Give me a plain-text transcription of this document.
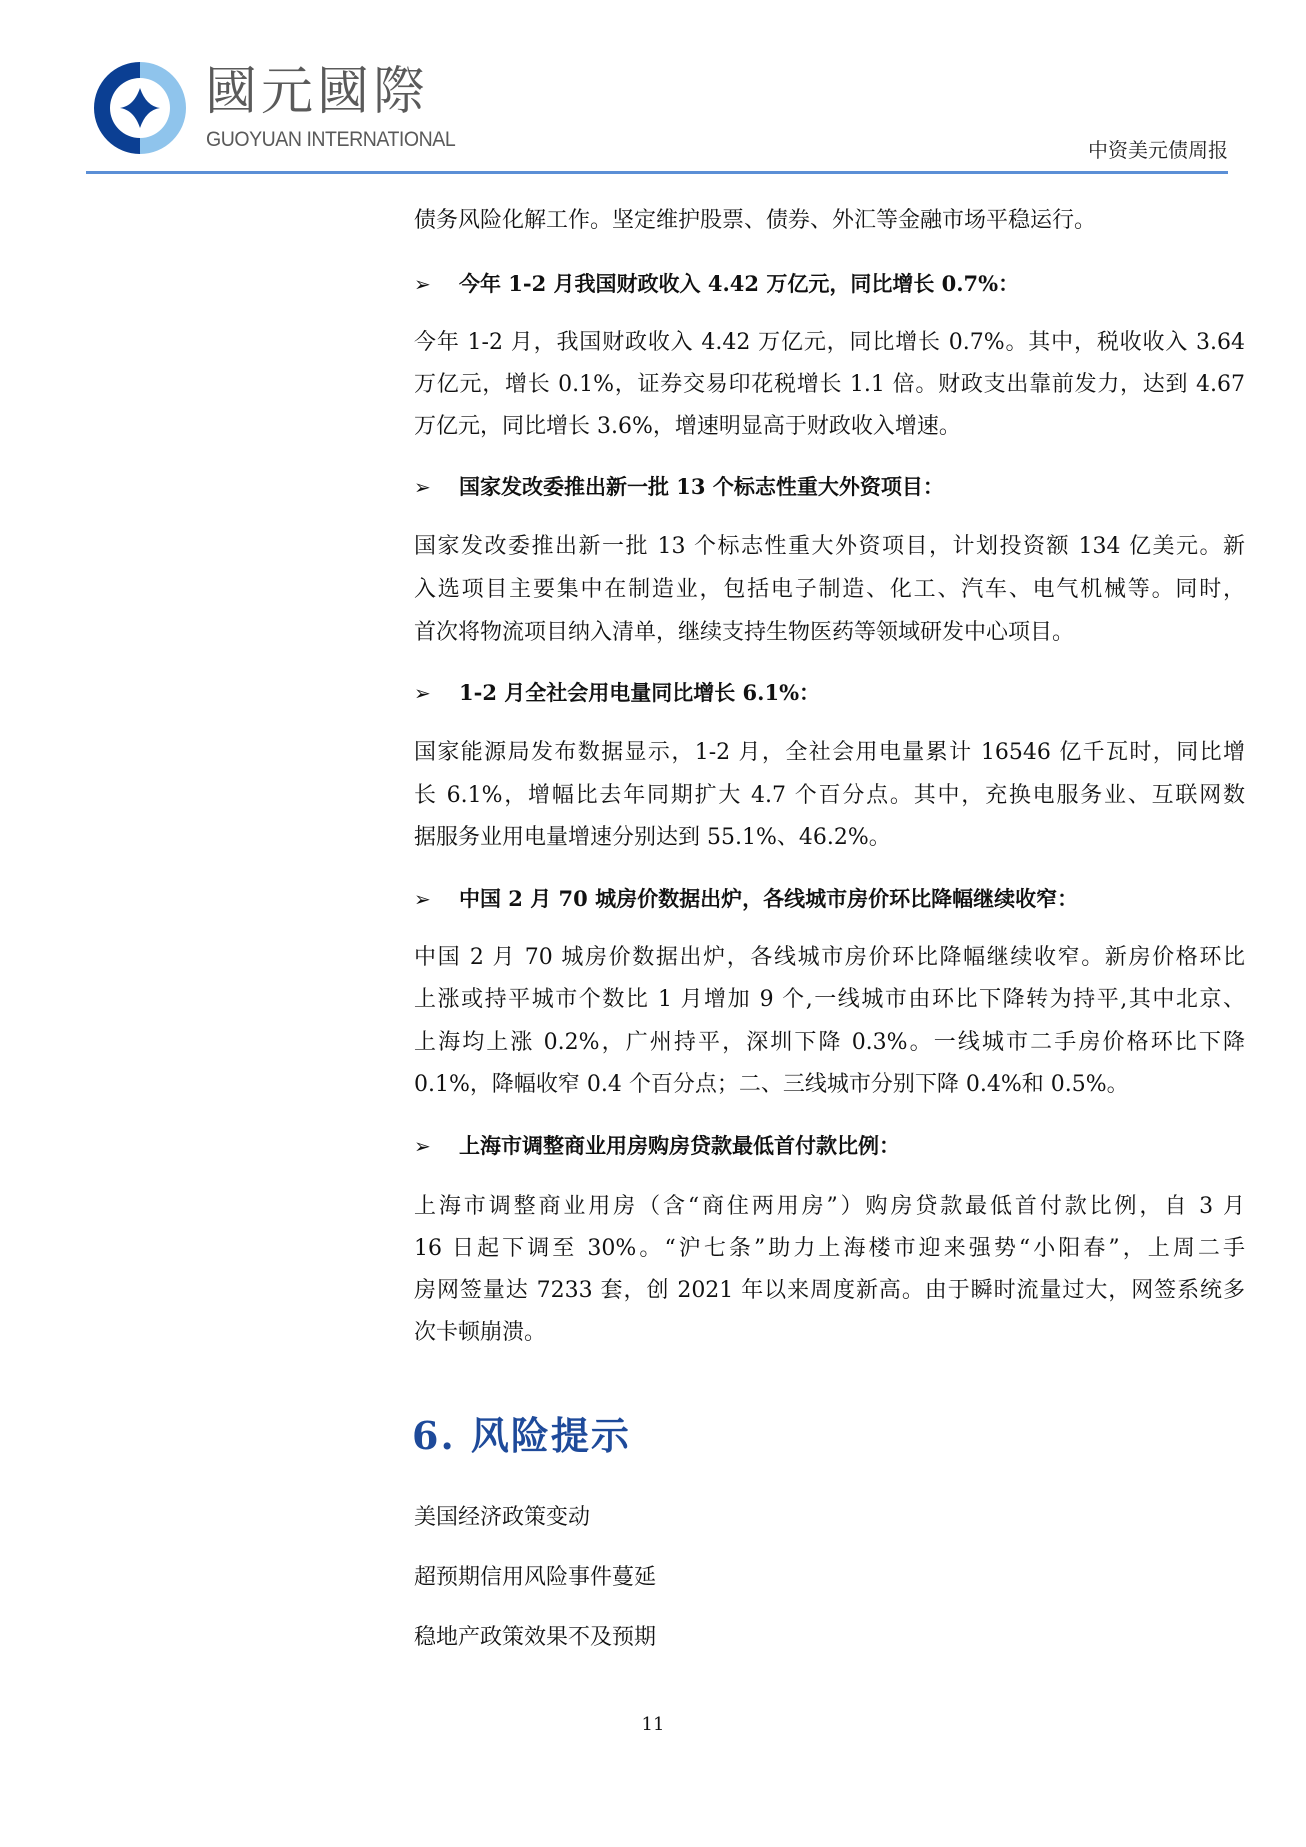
國元國際
GUOYUAN INTERNATIONAL	中资美元债周报
债务风险化解工作。坚定维护股票、债券、外汇等金融市场平稳运行。
➢ 今年 1-2 月我国财政收入 4.42 万亿元，同比增长 0.7%：
今年 1-2 月，我国财政收入 4.42 万亿元，同比增长 0.7%。其中，税收收入 3.64
万亿元，增长 0.1%，证券交易印花税增长 1.1 倍。财政支出靠前发力，达到 4.67
万亿元，同比增长 3.6%，增速明显高于财政收入增速。
➢ 国家发改委推出新一批 13 个标志性重大外资项目：
国家发改委推出新一批 13 个标志性重大外资项目，计划投资额 134 亿美元。新
入选项目主要集中在制造业，包括电子制造、化工、汽车、电气机械等。同时，
首次将物流项目纳入清单，继续支持生物医药等领域研发中心项目。
➢ 1-2 月全社会用电量同比增长 6.1%：
国家能源局发布数据显示，1-2 月，全社会用电量累计 16546 亿千瓦时，同比增
长 6.1%，增幅比去年同期扩大 4.7 个百分点。其中，充换电服务业、互联网数
据服务业用电量增速分别达到 55.1%、46.2%。
➢ 中国 2 月 70 城房价数据出炉，各线城市房价环比降幅继续收窄：
中国 2 月 70 城房价数据出炉，各线城市房价环比降幅继续收窄。新房价格环比
上涨或持平城市个数比 1 月增加 9 个,一线城市由环比下降转为持平,其中北京、
上海均上涨 0.2%，广州持平，深圳下降 0.3%。一线城市二手房价格环比下降
0.1%，降幅收窄 0.4 个百分点；二、三线城市分别下降 0.4%和 0.5%。
➢ 上海市调整商业用房购房贷款最低首付款比例：
上海市调整商业用房（含“商住两用房”）购房贷款最低首付款比例，自 3 月
16 日起下调至 30%。“沪七条”助力上海楼市迎来强势“小阳春”，上周二手
房网签量达 7233 套，创 2021 年以来周度新高。由于瞬时流量过大，网签系统多
次卡顿崩溃。
6. 风险提示
美国经济政策变动
超预期信用风险事件蔓延
稳地产政策效果不及预期
11
